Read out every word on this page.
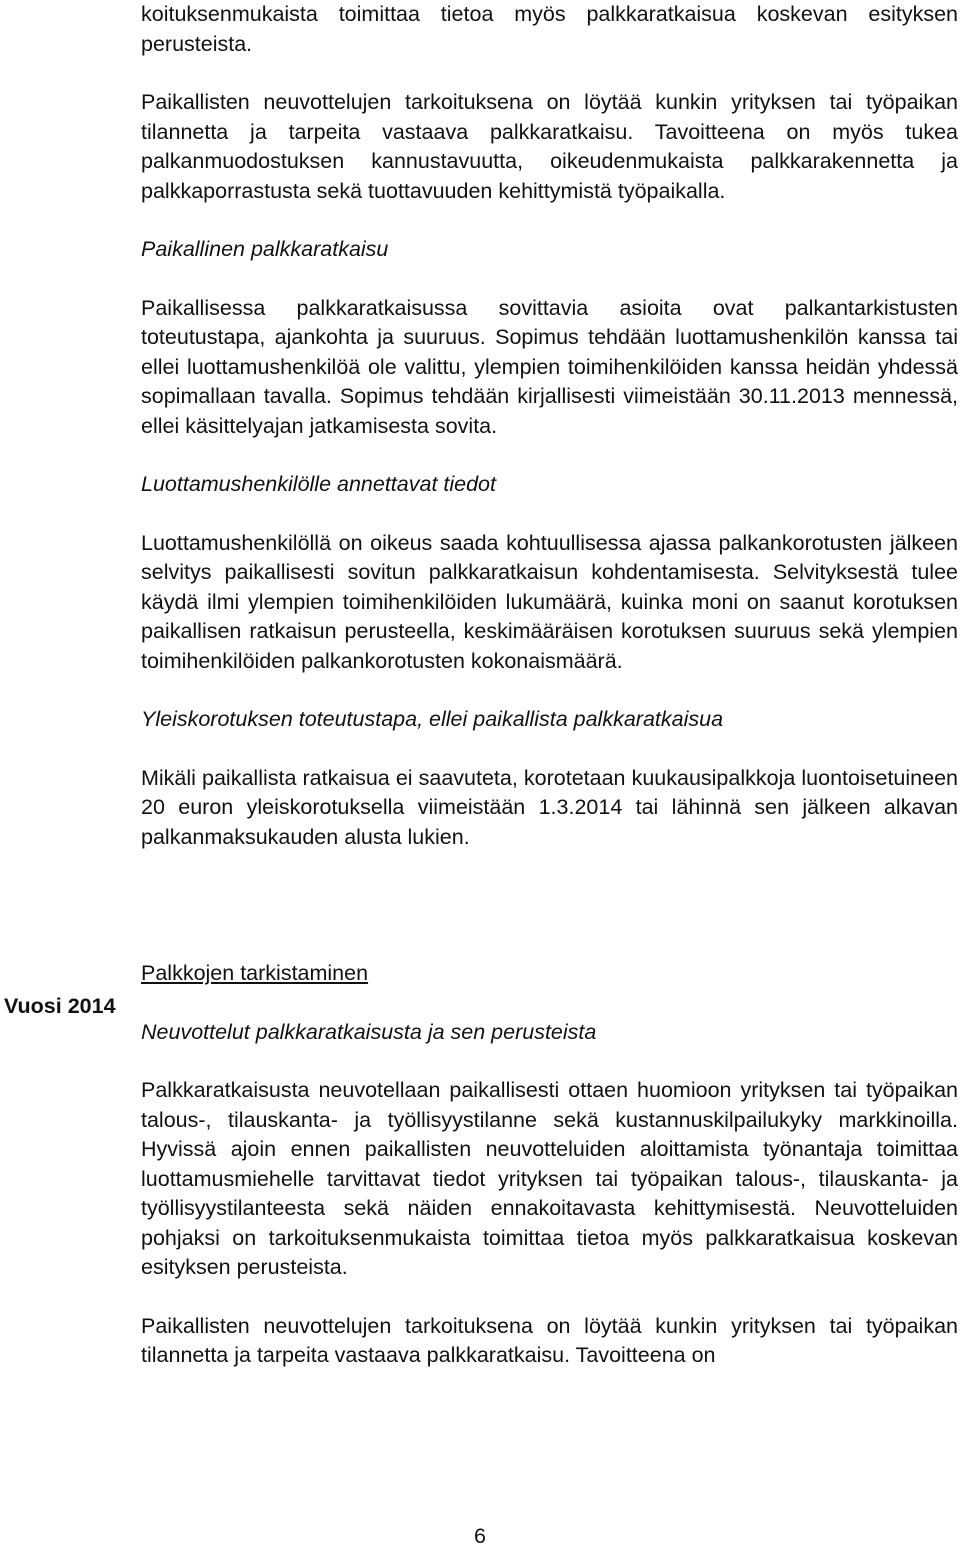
Vuosi 2014

koituksenmukaista toimittaa tietoa myös palkkaratkaisua koskevan esityksen perusteista.

Paikallisten neuvottelujen tarkoituksena on löytää kunkin yrityksen tai työpaikan tilannetta ja tarpeita vastaava palkkaratkaisu. Tavoitteena on myös tukea palkanmuodostuksen kannustavuutta, oikeudenmukaista palkkarakennetta ja palkkaporrastusta sekä tuottavuuden kehittymistä työpaikalla.

Paikallinen palkkaratkaisu

Paikallisessa palkkaratkaisussa sovittavia asioita ovat palkantarkistusten toteutustapa, ajankohta ja suuruus. Sopimus tehdään luottamushenkilön kanssa tai ellei luottamushenkilöä ole valittu, ylempien toimihenkilöiden kanssa heidän yhdessä sopimallaan tavalla. Sopimus tehdään kirjallisesti viimeistään 30.11.2013 mennessä, ellei käsittelyajan jatkamisesta sovita.

Luottamushenkilölle annettavat tiedot

Luottamushenkilöllä on oikeus saada kohtuullisessa ajassa palkankorotusten jälkeen selvitys paikallisesti sovitun palkkaratkaisun kohdentamisesta. Selvityksestä tulee käydä ilmi ylempien toimihenkilöiden lukumäärä, kuinka moni on saanut korotuksen paikallisen ratkaisun perusteella, keskimääräisen korotuksen suuruus sekä ylempien toimihenkilöiden palkankorotusten kokonaismäärä.

Yleiskorotuksen toteutustapa, ellei paikallista palkkaratkaisua

Mikäli paikallista ratkaisua ei saavuteta, korotetaan kuukausipalkkoja luontoisetuineen 20 euron yleiskorotuksella viimeistään 1.3.2014 tai lähinnä sen jälkeen alkavan palkanmaksukauden alusta lukien.

Palkkojen tarkistaminen

Neuvottelut palkkaratkaisusta ja sen perusteista

Palkkaratkaisusta neuvotellaan paikallisesti ottaen huomioon yrityksen tai työpaikan talous-, tilauskanta- ja työllisyystilanne sekä kustannuskilpailukyky markkinoilla. Hyvissä ajoin ennen paikallisten neuvotteluiden aloittamista työnantaja toimittaa luottamusmiehelle tarvittavat tiedot yrityksen tai työpaikan talous-, tilauskanta- ja työllisyystilanteesta sekä näiden ennakoitavasta kehittymisestä. Neuvotteluiden pohjaksi on tarkoituksenmukaista toimittaa tietoa myös palkkaratkaisua koskevan esityksen perusteista.

Paikallisten neuvottelujen tarkoituksena on löytää kunkin yrityksen tai työpaikan tilannetta ja tarpeita vastaava palkkaratkaisu. Tavoitteena on

6
